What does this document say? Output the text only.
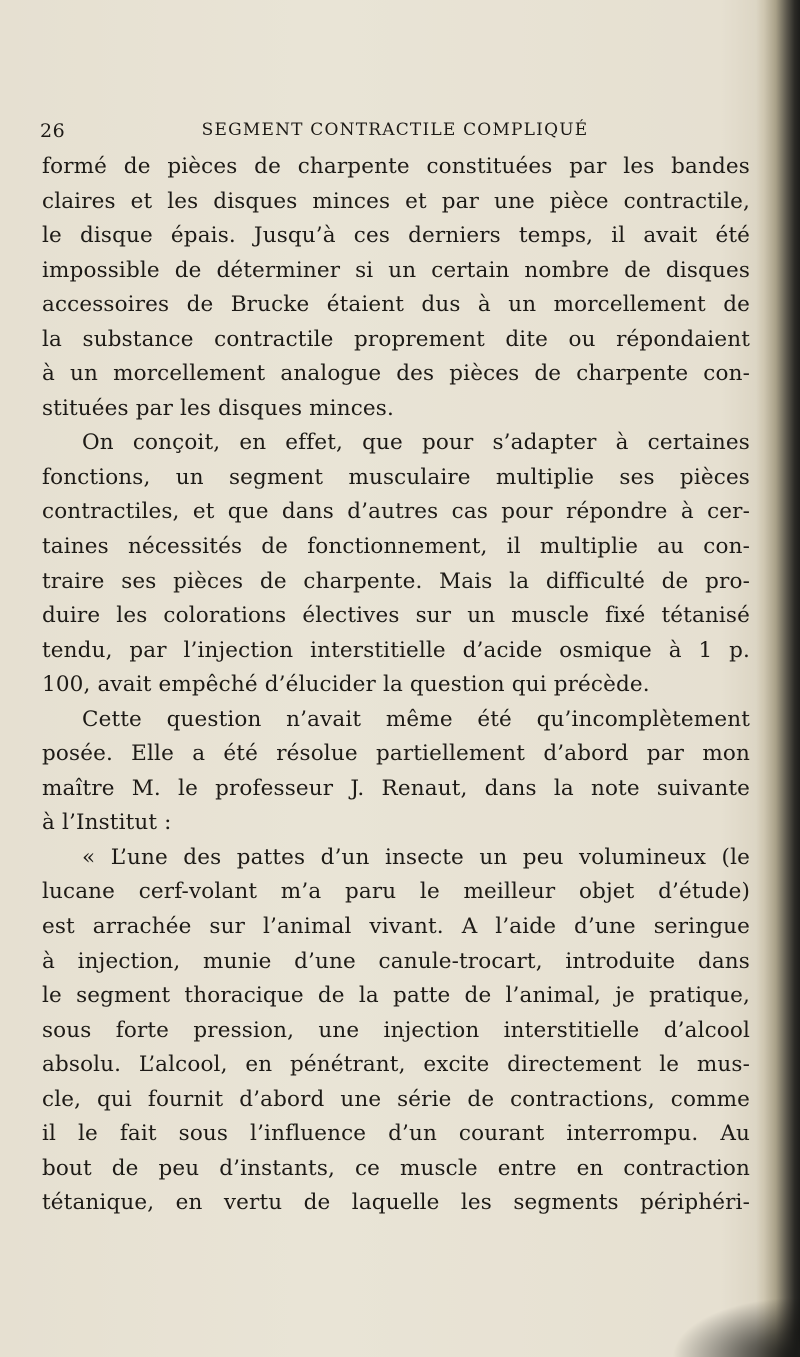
26	SEGMENT CONTRACTILE COMPLIQUÉ
formé de pièces de charpente constituées par les bandes
claires et les disques minces et par une pièce contractile,
le disque épais. Jusqu’à ces derniers temps, il avait été
impossible de déterminer si un certain nombre de disques
accessoires de Brucke étaient dus à un morcellement de
la substance contractile proprement dite ou répondaient
à un morcellement analogue des pièces de charpente con-
stituées par les disques minces.
On conçoit, en effet, que pour s’adapter à certaines
fonctions, un segment musculaire multiplie ses pièces
contractiles, et que dans d’autres cas pour répondre à cer-
taines nécessités de fonctionnement, il multiplie au con-
traire ses pièces de charpente. Mais la difficulté de pro-
duire les colorations électives sur un muscle fixé tétanisé
tendu, par l’injection interstitielle d’acide osmique à 1 p.
100, avait empêché d’élucider la question qui précède.
Cette question n’avait même été qu’incomplètement
posée. Elle a été résolue partiellement d’abord par mon
maître M. le professeur J. Renaut, dans la note suivante
à l’Institut :
« L’une des pattes d’un insecte un peu volumineux (le
lucane cerf-volant m’a paru le meilleur objet d’étude)
est arrachée sur l’animal vivant. A l’aide d’une seringue
à injection, munie d’une canule-trocart, introduite dans
le segment thoracique de la patte de l’animal, je pratique,
sous forte pression, une injection interstitielle d’alcool
absolu. L’alcool, en pénétrant, excite directement le mus-
cle, qui fournit d’abord une série de contractions, comme
il le fait sous l’influence d’un courant interrompu. Au
bout de peu d’instants, ce muscle entre en contraction
tétanique, en vertu de laquelle les segments périphéri-
